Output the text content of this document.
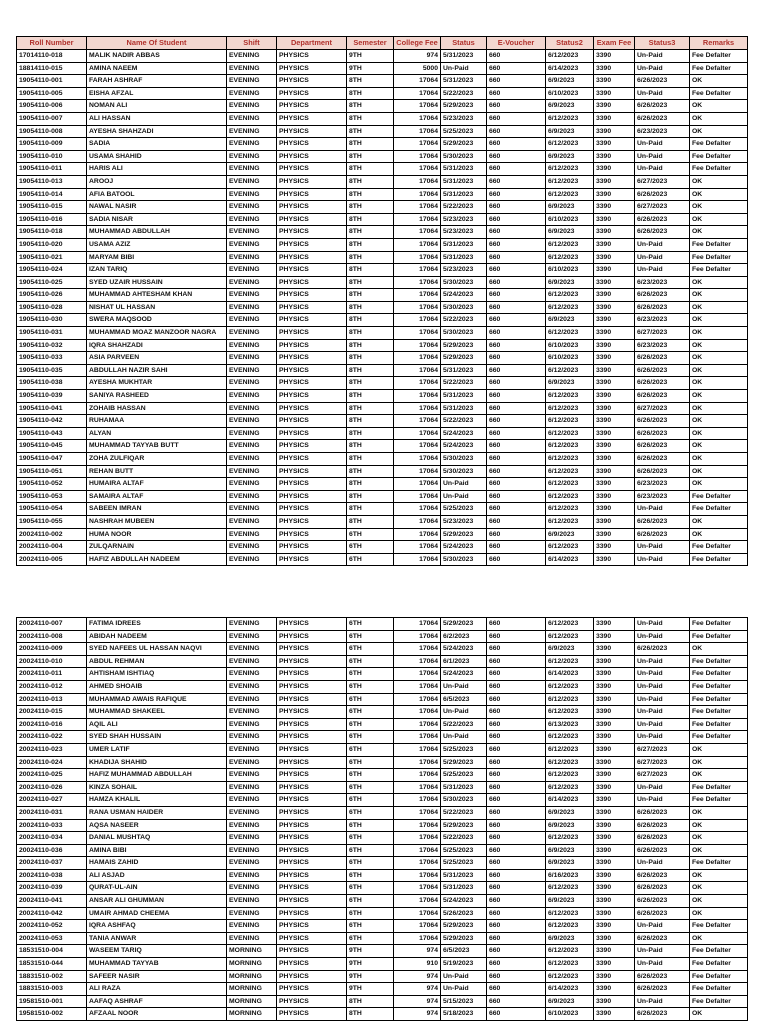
Roll Number	Name Of Student	Shift	Department	Semester	College Fee	Status	E-Voucher	Status2	Exam Fee	Status3	Remarks
17014110-018	MALIK NADIR ABBAS	EVENING	PHYSICS	9TH	974	5/31/2023	660	6/12/2023	3390	Un-Paid	Fee Defalter
18814110-015	AMINA NAEEM	EVENING	PHYSICS	9TH	5000	Un-Paid	660	6/14/2023	3390	Un-Paid	Fee Defalter
19054110-001	FARAH ASHRAF	EVENING	PHYSICS	8TH	17064	5/31/2023	660	6/9/2023	3390	6/26/2023	OK
19054110-005	EISHA AFZAL	EVENING	PHYSICS	8TH	17064	5/22/2023	660	6/10/2023	3390	Un-Paid	Fee Defalter
19054110-006	NOMAN ALI	EVENING	PHYSICS	8TH	17064	5/29/2023	660	6/9/2023	3390	6/26/2023	OK
19054110-007	ALI HASSAN	EVENING	PHYSICS	8TH	17064	5/23/2023	660	6/12/2023	3390	6/26/2023	OK
19054110-008	AYESHA SHAHZADI	EVENING	PHYSICS	8TH	17064	5/25/2023	660	6/9/2023	3390	6/23/2023	OK
19054110-009	SADIA	EVENING	PHYSICS	8TH	17064	5/29/2023	660	6/12/2023	3390	Un-Paid	Fee Defalter
19054110-010	USAMA SHAHID	EVENING	PHYSICS	8TH	17064	5/30/2023	660	6/9/2023	3390	Un-Paid	Fee Defalter
19054110-011	HARIS ALI	EVENING	PHYSICS	8TH	17064	5/31/2023	660	6/12/2023	3390	Un-Paid	Fee Defalter
19054110-013	AROOJ	EVENING	PHYSICS	8TH	17064	5/31/2023	660	6/12/2023	3390	6/27/2023	OK
19054110-014	AFIA BATOOL	EVENING	PHYSICS	8TH	17064	5/31/2023	660	6/12/2023	3390	6/26/2023	OK
19054110-015	NAWAL NASIR	EVENING	PHYSICS	8TH	17064	5/22/2023	660	6/9/2023	3390	6/27/2023	OK
19054110-016	SADIA NISAR	EVENING	PHYSICS	8TH	17064	5/23/2023	660	6/10/2023	3390	6/26/2023	OK
19054110-018	MUHAMMAD ABDULLAH	EVENING	PHYSICS	8TH	17064	5/23/2023	660	6/9/2023	3390	6/26/2023	OK
19054110-020	USAMA AZIZ	EVENING	PHYSICS	8TH	17064	5/31/2023	660	6/12/2023	3390	Un-Paid	Fee Defalter
19054110-021	MARYAM BIBI	EVENING	PHYSICS	8TH	17064	5/31/2023	660	6/12/2023	3390	Un-Paid	Fee Defalter
19054110-024	IZAN TARIQ	EVENING	PHYSICS	8TH	17064	5/23/2023	660	6/10/2023	3390	Un-Paid	Fee Defalter
19054110-025	SYED UZAIR HUSSAIN	EVENING	PHYSICS	8TH	17064	5/30/2023	660	6/9/2023	3390	6/23/2023	OK
19054110-026	MUHAMMAD AHTESHAM KHAN	EVENING	PHYSICS	8TH	17064	5/24/2023	660	6/12/2023	3390	6/26/2023	OK
19054110-028	NISHAT UL HASSAN	EVENING	PHYSICS	8TH	17064	5/30/2023	660	6/12/2023	3390	6/26/2023	OK
19054110-030	SWERA MAQSOOD	EVENING	PHYSICS	8TH	17064	5/22/2023	660	6/9/2023	3390	6/23/2023	OK
19054110-031	MUHAMMAD MOAZ MANZOOR NAGRA	EVENING	PHYSICS	8TH	17064	5/30/2023	660	6/12/2023	3390	6/27/2023	OK
19054110-032	IQRA SHAHZADI	EVENING	PHYSICS	8TH	17064	5/29/2023	660	6/10/2023	3390	6/23/2023	OK
19054110-033	ASIA PARVEEN	EVENING	PHYSICS	8TH	17064	5/29/2023	660	6/10/2023	3390	6/26/2023	OK
19054110-035	ABDULLAH NAZIR SAHI	EVENING	PHYSICS	8TH	17064	5/31/2023	660	6/12/2023	3390	6/26/2023	OK
19054110-038	AYESHA MUKHTAR	EVENING	PHYSICS	8TH	17064	5/22/2023	660	6/9/2023	3390	6/26/2023	OK
19054110-039	SANIYA RASHEED	EVENING	PHYSICS	8TH	17064	5/31/2023	660	6/12/2023	3390	6/26/2023	OK
19054110-041	ZOHAIB HASSAN	EVENING	PHYSICS	8TH	17064	5/31/2023	660	6/12/2023	3390	6/27/2023	OK
19054110-042	RUHAMAA	EVENING	PHYSICS	8TH	17064	5/22/2023	660	6/12/2023	3390	6/26/2023	OK
19054110-043	ALYAN	EVENING	PHYSICS	8TH	17064	5/24/2023	660	6/12/2023	3390	6/26/2023	OK
19054110-045	MUHAMMAD TAYYAB BUTT	EVENING	PHYSICS	8TH	17064	5/24/2023	660	6/12/2023	3390	6/26/2023	OK
19054110-047	ZOHA ZULFIQAR	EVENING	PHYSICS	8TH	17064	5/30/2023	660	6/12/2023	3390	6/26/2023	OK
19054110-051	REHAN BUTT	EVENING	PHYSICS	8TH	17064	5/30/2023	660	6/12/2023	3390	6/26/2023	OK
19054110-052	HUMAIRA ALTAF	EVENING	PHYSICS	8TH	17064	Un-Paid	660	6/12/2023	3390	6/23/2023	OK
19054110-053	SAMAIRA ALTAF	EVENING	PHYSICS	8TH	17064	Un-Paid	660	6/12/2023	3390	6/23/2023	Fee Defalter
19054110-054	SABEEN IMRAN	EVENING	PHYSICS	8TH	17064	5/25/2023	660	6/12/2023	3390	Un-Paid	Fee Defalter
19054110-055	NASHRAH MUBEEN	EVENING	PHYSICS	8TH	17064	5/23/2023	660	6/12/2023	3390	6/26/2023	OK
20024110-002	HUMA NOOR	EVENING	PHYSICS	6TH	17064	5/29/2023	660	6/9/2023	3390	6/26/2023	OK
20024110-004	ZULQARNAIN	EVENING	PHYSICS	6TH	17064	5/24/2023	660	6/12/2023	3390	Un-Paid	Fee Defalter
20024110-005	HAFIZ ABDULLAH NADEEM	EVENING	PHYSICS	6TH	17064	5/30/2023	660	6/14/2023	3390	Un-Paid	Fee Defalter
20024110-007	FATIMA IDREES	EVENING	PHYSICS	6TH	17064	5/29/2023	660	6/12/2023	3390	Un-Paid	Fee Defalter
20024110-008	ABIDAH NADEEM	EVENING	PHYSICS	6TH	17064	6/2/2023	660	6/12/2023	3390	Un-Paid	Fee Defalter
20024110-009	SYED NAFEES UL HASSAN NAQVI	EVENING	PHYSICS	6TH	17064	5/24/2023	660	6/9/2023	3390	6/26/2023	OK
20024110-010	ABDUL REHMAN	EVENING	PHYSICS	6TH	17064	6/1/2023	660	6/12/2023	3390	Un-Paid	Fee Defalter
20024110-011	AHTISHAM ISHTIAQ	EVENING	PHYSICS	6TH	17064	5/24/2023	660	6/14/2023	3390	Un-Paid	Fee Defalter
20024110-012	AHMED SHOAIB	EVENING	PHYSICS	6TH	17064	Un-Paid	660	6/12/2023	3390	Un-Paid	Fee Defalter
20024110-013	MUHAMMAD AWAIS RAFIQUE	EVENING	PHYSICS	6TH	17064	6/5/2023	660	6/12/2023	3390	Un-Paid	Fee Defalter
20024110-015	MUHAMMAD SHAKEEL	EVENING	PHYSICS	6TH	17064	Un-Paid	660	6/12/2023	3390	Un-Paid	Fee Defalter
20024110-016	AQIL ALI	EVENING	PHYSICS	6TH	17064	5/22/2023	660	6/13/2023	3390	Un-Paid	Fee Defalter
20024110-022	SYED SHAH HUSSAIN	EVENING	PHYSICS	6TH	17064	Un-Paid	660	6/12/2023	3390	Un-Paid	Fee Defalter
20024110-023	UMER LATIF	EVENING	PHYSICS	6TH	17064	5/25/2023	660	6/12/2023	3390	6/27/2023	OK
20024110-024	KHADIJA SHAHID	EVENING	PHYSICS	6TH	17064	5/29/2023	660	6/12/2023	3390	6/27/2023	OK
20024110-025	HAFIZ MUHAMMAD ABDULLAH	EVENING	PHYSICS	6TH	17064	5/25/2023	660	6/12/2023	3390	6/27/2023	OK
20024110-026	KINZA SOHAIL	EVENING	PHYSICS	6TH	17064	5/31/2023	660	6/12/2023	3390	Un-Paid	Fee Defalter
20024110-027	HAMZA KHALIL	EVENING	PHYSICS	6TH	17064	5/30/2023	660	6/14/2023	3390	Un-Paid	Fee Defalter
20024110-031	RANA USMAN HAIDER	EVENING	PHYSICS	6TH	17064	5/22/2023	660	6/9/2023	3390	6/26/2023	OK
20024110-033	AQSA NASEER	EVENING	PHYSICS	6TH	17064	5/29/2023	660	6/9/2023	3390	6/26/2023	OK
20024110-034	DANIAL MUSHTAQ	EVENING	PHYSICS	6TH	17064	5/22/2023	660	6/12/2023	3390	6/26/2023	OK
20024110-036	AMINA BIBI	EVENING	PHYSICS	6TH	17064	5/25/2023	660	6/9/2023	3390	6/26/2023	OK
20024110-037	HAMAIS ZAHID	EVENING	PHYSICS	6TH	17064	5/25/2023	660	6/9/2023	3390	Un-Paid	Fee Defalter
20024110-038	ALI ASJAD	EVENING	PHYSICS	6TH	17064	5/31/2023	660	6/16/2023	3390	6/26/2023	OK
20024110-039	QURAT-UL-AIN	EVENING	PHYSICS	6TH	17064	5/31/2023	660	6/12/2023	3390	6/26/2023	OK
20024110-041	ANSAR ALI GHUMMAN	EVENING	PHYSICS	6TH	17064	5/24/2023	660	6/9/2023	3390	6/26/2023	OK
20024110-042	UMAIR AHMAD CHEEMA	EVENING	PHYSICS	6TH	17064	5/26/2023	660	6/12/2023	3390	6/26/2023	OK
20024110-052	IQRA ASHFAQ	EVENING	PHYSICS	6TH	17064	5/29/2023	660	6/12/2023	3390	Un-Paid	Fee Defalter
20024110-053	TANIA ANWAR	EVENING	PHYSICS	6TH	17064	5/29/2023	660	6/9/2023	3390	6/26/2023	OK
18531510-004	WASEEM TARIQ	MORNING	PHYSICS	9TH	974	6/5/2023	660	6/12/2023	3390	Un-Paid	Fee Defalter
18531510-044	MUHAMMAD TAYYAB	MORNING	PHYSICS	9TH	910	5/19/2023	660	6/12/2023	3390	Un-Paid	Fee Defalter
18831510-002	SAFEER NASIR	MORNING	PHYSICS	9TH	974	Un-Paid	660	6/12/2023	3390	6/26/2023	Fee Defalter
18831510-003	ALI RAZA	MORNING	PHYSICS	9TH	974	Un-Paid	660	6/14/2023	3390	6/26/2023	Fee Defalter
19581510-001	AAFAQ ASHRAF	MORNING	PHYSICS	8TH	974	5/15/2023	660	6/9/2023	3390	Un-Paid	Fee Defalter
19581510-002	AFZAAL NOOR	MORNING	PHYSICS	8TH	974	5/18/2023	660	6/10/2023	3390	6/26/2023	OK
